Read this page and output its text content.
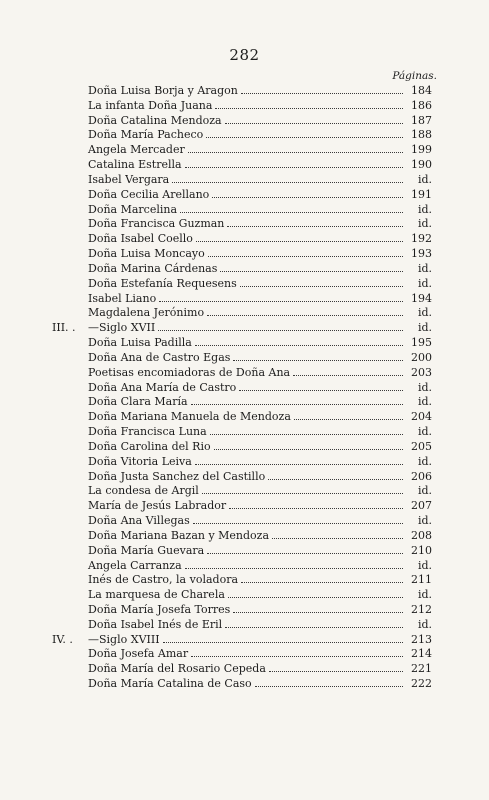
282
Páginas.
Doña Luisa Borja y Aragon	184
La infanta Doña Juana	186
Doña Catalina Mendoza	187
Doña María Pacheco	188
Angela Mercader	199
Catalina Estrella	190
Isabel Vergara	id.
Doña Cecilia Arellano	191
Doña Marcelina	id.
Doña Francisca Guzman	id.
Doña Isabel Coello	192
Doña Luisa Moncayo	193
Doña Marina Cárdenas	id.
Doña Estefanía Requesens	id.
Isabel Liano	194
Magdalena Jerónimo	id.
III. .	—Siglo XVII	id.
Doña Luisa Padilla	195
Doña Ana de Castro Egas	200
Poetisas encomiadoras de Doña Ana	203
Doña Ana María de Castro	id.
Doña Clara María	id.
Doña Mariana Manuela de Mendoza	204
Doña Francisca Luna	id.
Doña Carolina del Rio	205
Doña Vitoria Leiva	id.
Doña Justa Sanchez del Castillo	206
La condesa de Argil	id.
María de Jesús Labrador	207
Doña Ana Villegas	id.
Doña Mariana Bazan y Mendoza	208
Doña María Guevara	210
Angela Carranza	id.
Inés de Castro, la voladora	211
La marquesa de Charela	id.
Doña María Josefa Torres	212
Doña Isabel Inés de Eril	id.
IV. .	—Siglo XVIII	213
Doña Josefa Amar	214
Doña María del Rosario Cepeda	221
Doña María Catalina de Caso	222
